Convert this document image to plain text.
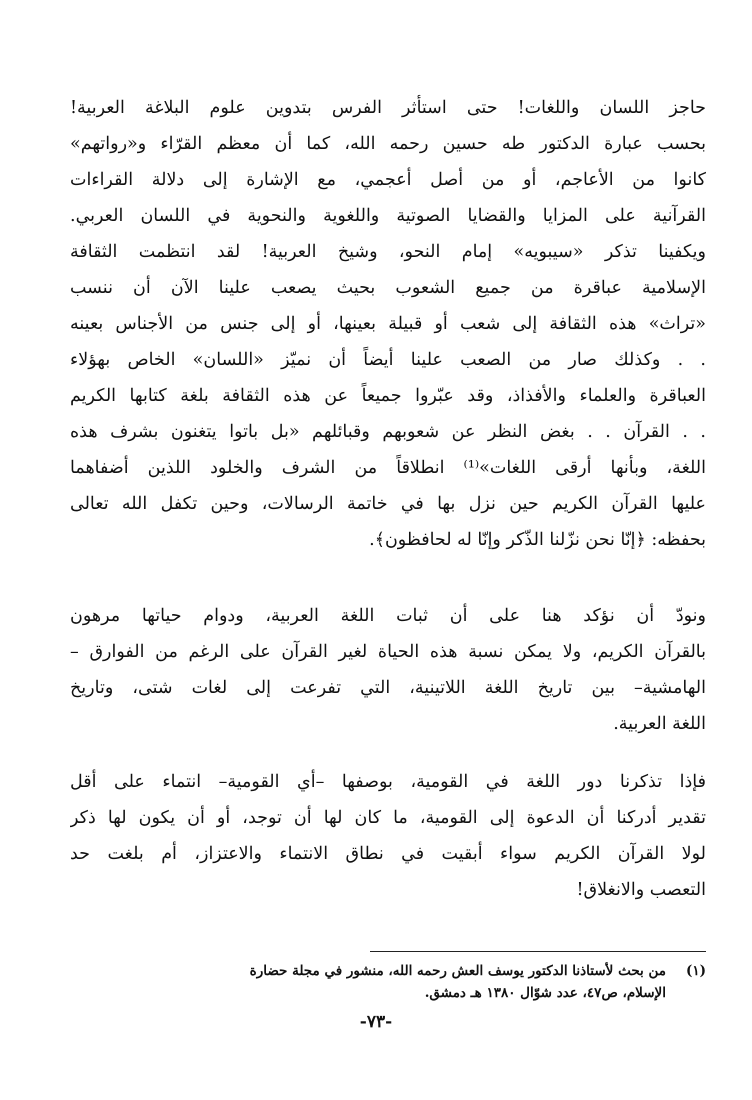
حاجز اللسان واللغات! حتى استأثر الفرس بتدوين علوم البلاغة العربية!
بحسب عبارة الدكتور طه حسين رحمه الله، كما أن معظم القرّاء و«رواتهم»
كانوا من الأعاجم، أو من أصل أعجمي، مع الإشارة إلى دلالة القراءات
القرآنية على المزايا والقضايا الصوتية واللغوية والنحوية في اللسان العربي.
ويكفينا تذكر «سيبويه» إمام النحو، وشيخ العربية! لقد انتظمت الثقافة
الإسلامية عباقرة من جميع الشعوب بحيث يصعب علينا الآن أن ننسب
«تراث» هذه الثقافة إلى شعب أو قبيلة بعينها، أو إلى جنس من الأجناس بعينه
. . وكذلك صار من الصعب علينا أيضاً أن نميّز «اللسان» الخاص بهؤلاء
العباقرة والعلماء والأفذاذ، وقد عبّروا جميعاً عن هذه الثقافة بلغة كتابها الكريم
. . القرآن . . بغض النظر عن شعوبهم وقبائلهم «بل باتوا يتغنون بشرف هذه
اللغة، وبأنها أرقى اللغات»⁽¹⁾ انطلاقاً من الشرف والخلود اللذين أضفاهما
عليها القرآن الكريم حين نزل بها في خاتمة الرسالات، وحين تكفل الله تعالى
بحفظه: ﴿إنّا نحن نزّلنا الذّكر وإنّا له لحافظون﴾.
ونودّ أن نؤكد هنا على أن ثبات اللغة العربية، ودوام حياتها مرهون
بالقرآن الكريم، ولا يمكن نسبة هذه الحياة لغير القرآن على الرغم من الفوارق –
الهامشية– بين تاريخ اللغة اللاتينية، التي تفرعت إلى لغات شتى، وتاريخ
اللغة العربية.
فإذا تذكرنا دور اللغة في القومية، بوصفها –أي القومية– انتماء على أقل
تقدير أدركنا أن الدعوة إلى القومية، ما كان لها أن توجد، أو أن يكون لها ذكر
لولا القرآن الكريم سواء أبقيت في نطاق الانتماء والاعتزاز، أم بلغت حد
التعصب والانغلاق!
(١)من بحث لأستاذنا الدكتور يوسف العش رحمه الله، منشور في مجلة حضارة
الإسلام، ص٤٧، عدد شوّال ١٣٨٠ هـ دمشق.
-٧٣-
